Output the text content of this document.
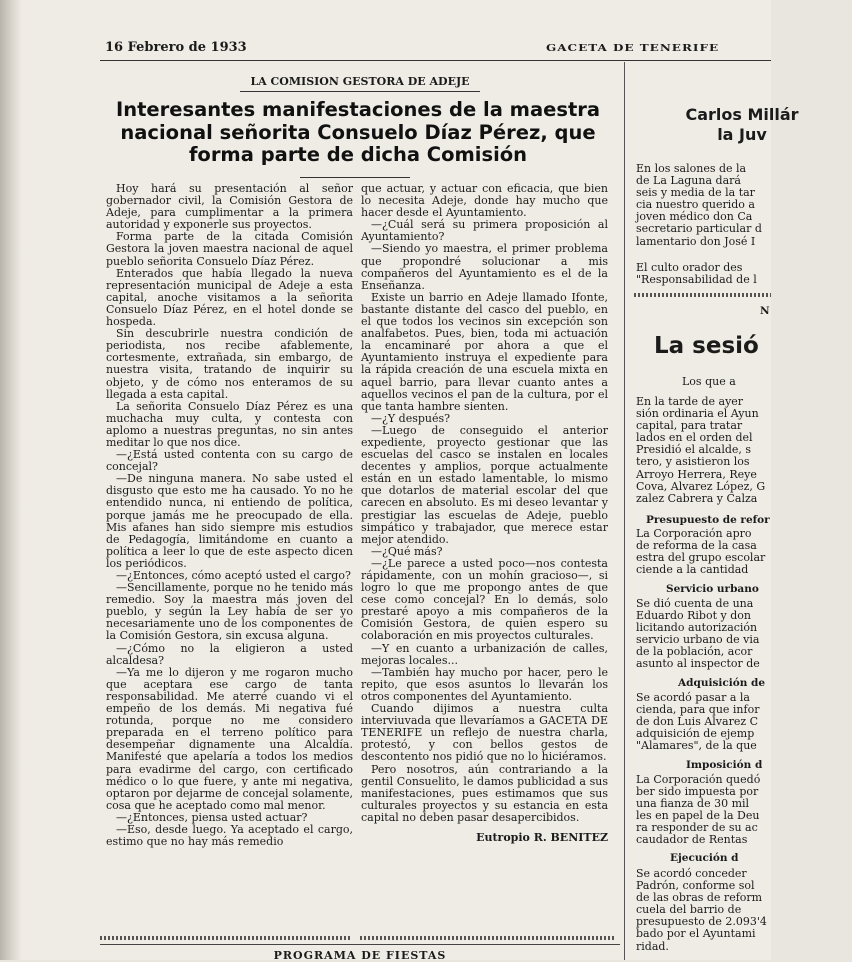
16 Febrero de 1933	GACETA DE TENERIFE
LA COMISION GESTORA DE ADEJE
Interesantes manifestaciones de la maestra nacional señorita Consuelo Díaz Pérez, que forma parte de dicha Comisión

Hoy hará su presentación al señor gobernador civil, la Comisión Gestora de Adeje, para cumplimentar a la primera autoridad y exponerle sus proyectos.

Forma parte de la citada Comisión Gestora la joven maestra nacional de aquel pueblo señorita Consuelo Díaz Pérez.

Enterados que había llegado la nueva representación municipal de Adeje a esta capital, anoche visitamos a la señorita Consuelo Díaz Pérez, en el hotel donde se hospeda.

Sin descubrirle nuestra condición de periodista, nos recibe afablemente, cortesmente, extrañada, sin embargo, de nuestra visita, tratando de inquirir su objeto, y de cómo nos enteramos de su llegada a esta capital.

La señorita Consuelo Díaz Pérez es una muchacha muy culta, y contesta con aplomo a nuestras preguntas, no sin antes meditar lo que nos dice.

—¿Está usted contenta con su cargo de concejal?

—De ninguna manera. No sabe usted el disgusto que esto me ha causado. Yo no he entendido nunca, ni entiendo de política, porque jamás me he preocupado de ella. Mis afanes han sido siempre mis estudios de Pedagogía, limitándome en cuanto a política a leer lo que de este aspecto dicen los periódicos.

—¿Entonces, cómo aceptó usted el cargo?

—Sencillamente, porque no he tenido más remedio. Soy la maestra más joven del pueblo, y según la Ley había de ser yo necesariamente uno de los componentes de la Comisión Gestora, sin excusa alguna.

—¿Cómo no la eligieron a usted alcaldesa?

—Ya me lo dijeron y me rogaron mucho que aceptara ese cargo de tanta responsabilidad. Me aterré cuando vi el empeño de los demás. Mi negativa fué rotunda, porque no me considero preparada en el terreno político para desempeñar dignamente una Alcaldía. Manifesté que apelaría a todos los medios para evadirme del cargo, con certificado médico o lo que fuere, y ante mi negativa, optaron por dejarme de concejal solamente, cosa que he aceptado como mal menor.

—¿Entonces, piensa usted actuar?

—Eso, desde luego. Ya aceptado el cargo, estimo que no hay más remedio

que actuar, y actuar con eficacia, que bien lo necesita Adeje, donde hay mucho que hacer desde el Ayuntamiento.

—¿Cuál será su primera proposición al Ayuntamiento?

—Siendo yo maestra, el primer problema que propondré solucionar a mis compañeros del Ayuntamiento es el de la Enseñanza.

Existe un barrio en Adeje llamado Ifonte, bastante distante del casco del pueblo, en el que todos los vecinos sin excepción son analfabetos. Pues, bien, toda mi actuación la encaminaré por ahora a que el Ayuntamiento instruya el expediente para la rápida creación de una escuela mixta en aquel barrio, para llevar cuanto antes a aquellos vecinos el pan de la cultura, por el que tanta hambre sienten.

—¿Y después?

—Luego de conseguido el anterior expediente, proyecto gestionar que las escuelas del casco se instalen en locales decentes y amplios, porque actualmente están en un estado lamentable, lo mismo que dotarlos de material escolar del que carecen en absoluto. Es mi deseo levantar y prestigiar las escuelas de Adeje, pueblo simpático y trabajador, que merece estar mejor atendido.

—¿Qué más?

—¿Le parece a usted poco—nos contesta rápidamente, con un mohín gracioso—, si logro lo que me propongo antes de que cese como concejal? En lo demás, solo prestaré apoyo a mis compañeros de la Comisión Gestora, de quien espero su colaboración en mis proyectos culturales.

—Y en cuanto a urbanización de calles, mejoras locales...

—También hay mucho por hacer, pero le repito, que esos asuntos lo llevarán los otros componentes del Ayuntamiento.

Cuando dijimos a nuestra culta interviuvada que llevaríamos a GACETA DE TENERIFE un reflejo de nuestra charla, protestó, y con bellos gestos de descontento nos pidió que no lo hiciéramos.

Pero nosotros, aún contrariando a la gentil Consuelito, le damos publicidad a sus manifestaciones, pues estimamos que sus culturales proyectos y su estancia en esta capital no deben pasar desapercibidos.

Eutropio R. BENITEZ

PROGRAMA DE FIESTAS
Carlos Millár
la Juv
En los salones de la
de La Laguna dará
seis y media de la tar
cia nuestro querido a
joven médico don Ca
secretario particular d
lamentario don José I
El culto orador des
"Responsabilidad de l
N
La sesió
Los que a
En la tarde de ayer
sión ordinaria el Ayun
capital, para tratar
lados en el orden del
Presidió el alcalde, s
tero, y asistieron los
Arroyo Herrera, Reye
Cova, Alvarez López, G
zalez Cabrera y Calza
Presupuesto de refor
La Corporación apro
de reforma de la casa
estra del grupo escolar
ciende a la cantidad
Servicio urbano
Se dió cuenta de una
Eduardo Ribot y don
licitando autorización
servicio urbano de via
de la población, acor
asunto al inspector de
Adquisición de
Se acordó pasar a la
cienda, para que infor
de don Luis Alvarez C
adquisición de ejemp
"Alamares", de la que
Imposición d
La Corporación quedó
ber sido impuesta por
una fianza de 30 mil
les en papel de la Deu
ra responder de su ac
caudador de Rentas
Ejecución d
Se acordó conceder
Padrón, conforme sol
de las obras de reform
cuela del barrio de
presupuesto de 2.093'4
bado por el Ayuntami
ridad.
